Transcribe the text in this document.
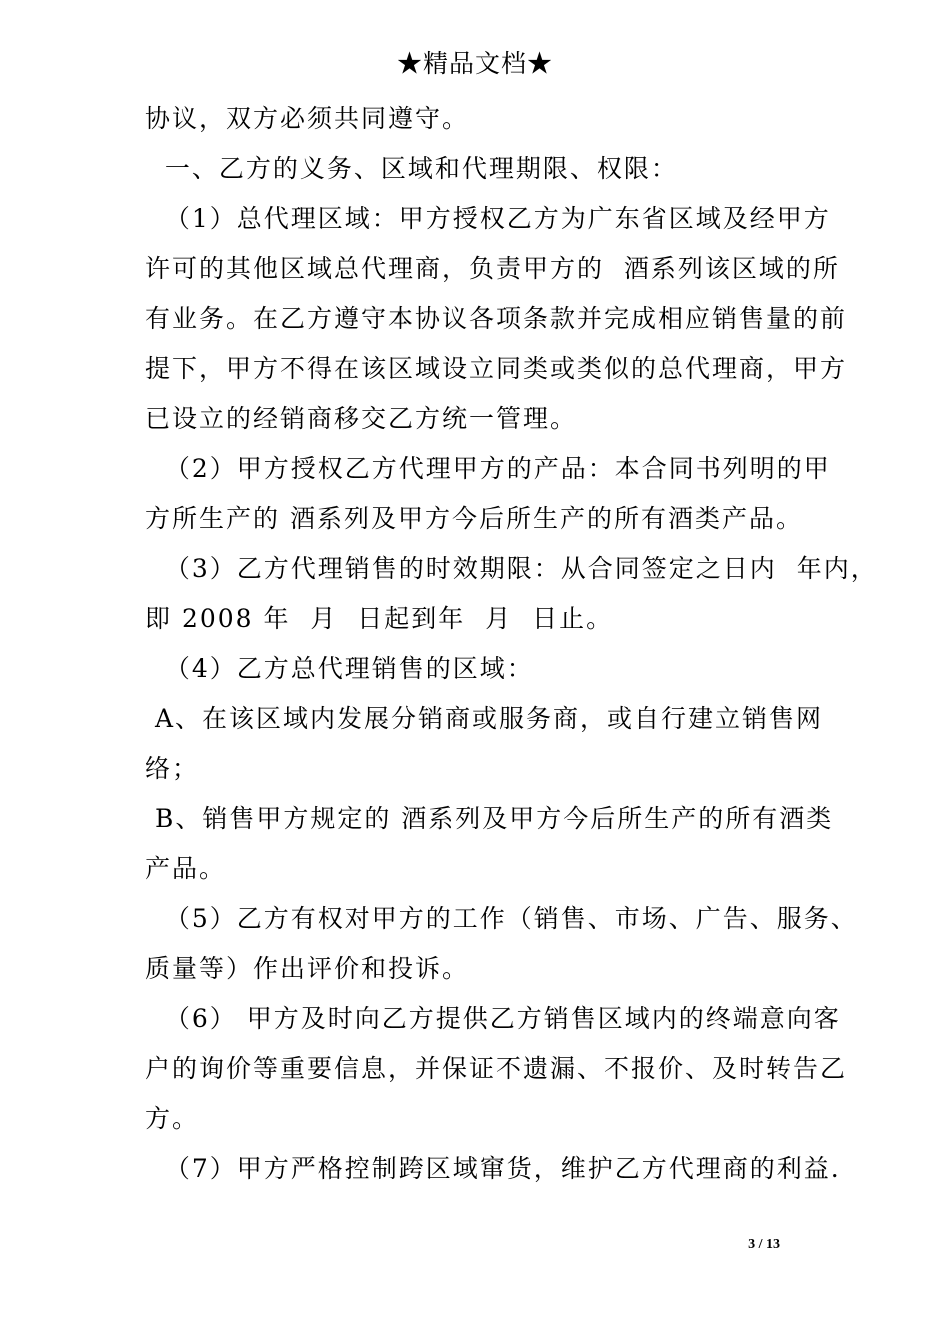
★精品文档★
协议，双方必须共同遵守。
一、乙方的义务、区域和代理期限、权限：
（1）总代理区域：甲方授权乙方为广东省区域及经甲方
许可的其他区域总代理商，负责甲方的  酒系列该区域的所
有业务。在乙方遵守本协议各项条款并完成相应销售量的前
提下，甲方不得在该区域设立同类或类似的总代理商，甲方
已设立的经销商移交乙方统一管理。
（2）甲方授权乙方代理甲方的产品：本合同书列明的甲
方所生产的 酒系列及甲方今后所生产的所有酒类产品。
（3）乙方代理销售的时效期限：从合同签定之日内  年内，
即 2008 年  月  日起到年  月  日止。
（4）乙方总代理销售的区域：
A、在该区域内发展分销商或服务商，或自行建立销售网
络；
B、销售甲方规定的 酒系列及甲方今后所生产的所有酒类
产品。
（5）乙方有权对甲方的工作（销售、市场、广告、服务、
质量等）作出评价和投诉。
（6） 甲方及时向乙方提供乙方销售区域内的终端意向客
户的询价等重要信息，并保证不遗漏、不报价、及时转告乙
方。
（7）甲方严格控制跨区域窜货，维护乙方代理商的利益.
3 / 13
